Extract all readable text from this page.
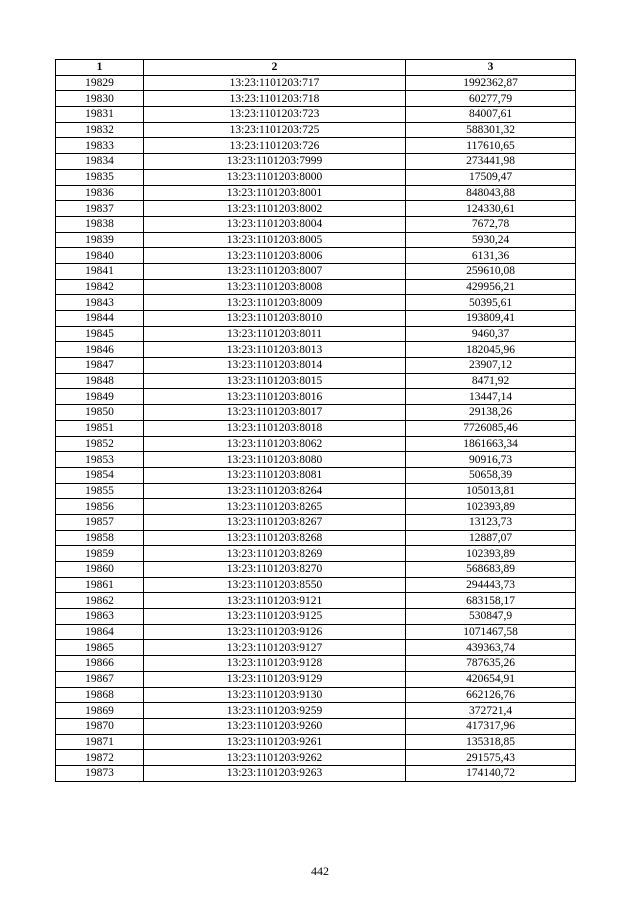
1	2	3
19829	13:23:1101203:717	1992362,87
19830	13:23:1101203:718	60277,79
19831	13:23:1101203:723	84007,61
19832	13:23:1101203:725	588301,32
19833	13:23:1101203:726	117610,65
19834	13:23:1101203:7999	273441,98
19835	13:23:1101203:8000	17509,47
19836	13:23:1101203:8001	848043,88
19837	13:23:1101203:8002	124330,61
19838	13:23:1101203:8004	7672,78
19839	13:23:1101203:8005	5930,24
19840	13:23:1101203:8006	6131,36
19841	13:23:1101203:8007	259610,08
19842	13:23:1101203:8008	429956,21
19843	13:23:1101203:8009	50395,61
19844	13:23:1101203:8010	193809,41
19845	13:23:1101203:8011	9460,37
19846	13:23:1101203:8013	182045,96
19847	13:23:1101203:8014	23907,12
19848	13:23:1101203:8015	8471,92
19849	13:23:1101203:8016	13447,14
19850	13:23:1101203:8017	29138,26
19851	13:23:1101203:8018	7726085,46
19852	13:23:1101203:8062	1861663,34
19853	13:23:1101203:8080	90916,73
19854	13:23:1101203:8081	50658,39
19855	13:23:1101203:8264	105013,81
19856	13:23:1101203:8265	102393,89
19857	13:23:1101203:8267	13123,73
19858	13:23:1101203:8268	12887,07
19859	13:23:1101203:8269	102393,89
19860	13:23:1101203:8270	568683,89
19861	13:23:1101203:8550	294443,73
19862	13:23:1101203:9121	683158,17
19863	13:23:1101203:9125	530847,9
19864	13:23:1101203:9126	1071467,58
19865	13:23:1101203:9127	439363,74
19866	13:23:1101203:9128	787635,26
19867	13:23:1101203:9129	420654,91
19868	13:23:1101203:9130	662126,76
19869	13:23:1101203:9259	372721,4
19870	13:23:1101203:9260	417317,96
19871	13:23:1101203:9261	135318,85
19872	13:23:1101203:9262	291575,43
19873	13:23:1101203:9263	174140,72
442
